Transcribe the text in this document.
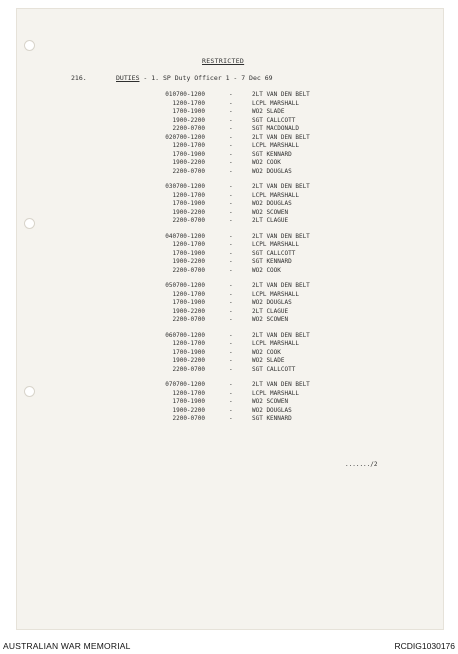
RESTRICTED
216.	DUTIES - 1. SP Duty Officer 1 - 7 Dec 69
010700-1200	-	2LT VAN DEN BELT
1200-1700	-	LCPL MARSHALL
1700-1900	-	WO2 SLADE
1900-2200	-	SGT CALLCOTT
2200-0700	-	SGT MACDONALD
020700-1200	-	2LT VAN DEN BELT
1200-1700	-	LCPL MARSHALL
1700-1900	-	SGT KENNARD
1900-2200	-	WO2 COOK
2200-0700	-	WO2 DOUGLAS
030700-1200	-	2LT VAN DEN BELT
1200-1700	-	LCPL MARSHALL
1700-1900	-	WO2 DOUGLAS
1900-2200	-	WO2 SCOWEN
2200-0700	-	2LT CLAGUE
040700-1200	-	2LT VAN DEN BELT
1200-1700	-	LCPL MARSHALL
1700-1900	-	SGT CALLCOTT
1900-2200	-	SGT KENNARD
2200-0700	-	WO2 COOK
050700-1200	-	2LT VAN DEN BELT
1200-1700	-	LCPL MARSHALL
1700-1900	-	WO2 DOUGLAS
1900-2200	-	2LT CLAGUE
2200-0700	-	WO2 SCOWEN
060700-1200	-	2LT VAN DEN BELT
1200-1700	-	LCPL MARSHALL
1700-1900	-	WO2 COOK
1900-2200	-	WO2 SLADE
2200-0700	-	SGT CALLCOTT
070700-1200	-	2LT VAN DEN BELT
1200-1700	-	LCPL MARSHALL
1700-1900	-	WO2 SCOWEN
1900-2200	-	WO2 DOUGLAS
2200-0700	-	SGT KENNARD
......./2
AUSTRALIAN WAR MEMORIAL	RCDIG1030176
